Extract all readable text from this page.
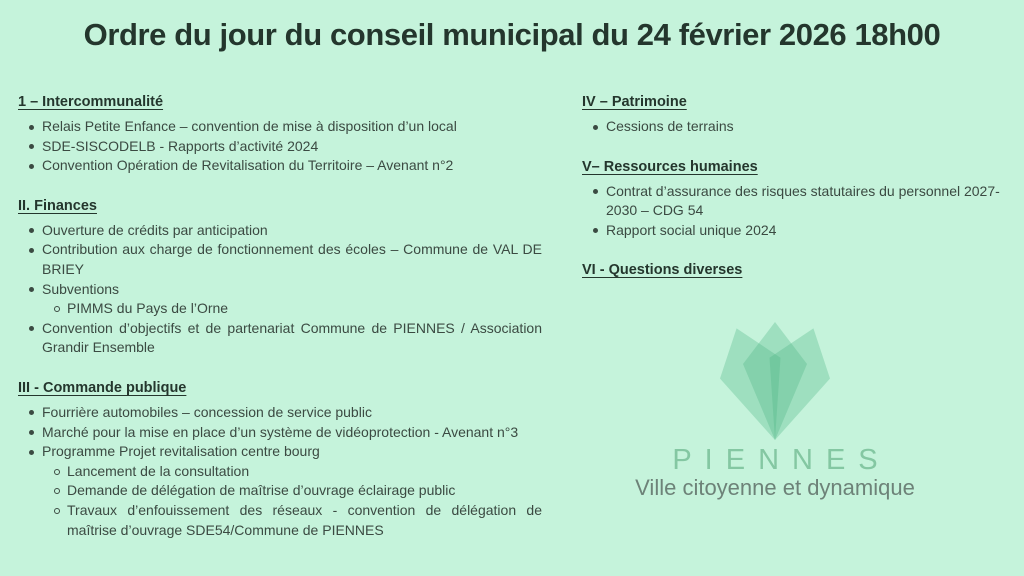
Ordre du jour du conseil municipal du 24 février 2026 18h00
1 – Intercommunalité
Relais Petite Enfance – convention de mise à disposition d’un local
SDE-SISCODELB - Rapports d’activité 2024
Convention Opération de Revitalisation du Territoire – Avenant n°2
II. Finances
Ouverture de crédits par anticipation
Contribution aux charge de fonctionnement des écoles – Commune de VAL DE BRIEY
Subventions
PIMMS du Pays de l’Orne
Convention d’objectifs et de partenariat Commune de PIENNES / Association Grandir Ensemble
III - Commande publique
Fourrière automobiles – concession de service public
Marché pour la mise en place d’un système de vidéoprotection - Avenant n°3
Programme Projet revitalisation centre bourg
Lancement de la consultation
Demande de délégation de maîtrise d’ouvrage éclairage public
Travaux d’enfouissement des réseaux - convention de délégation de maîtrise d’ouvrage SDE54/Commune de PIENNES
IV – Patrimoine
Cessions de terrains
V– Ressources humaines
Contrat d’assurance des risques statutaires du personnel 2027-2030 – CDG 54
Rapport social unique 2024
VI - Questions diverses
PIENNES
Ville citoyenne et dynamique
